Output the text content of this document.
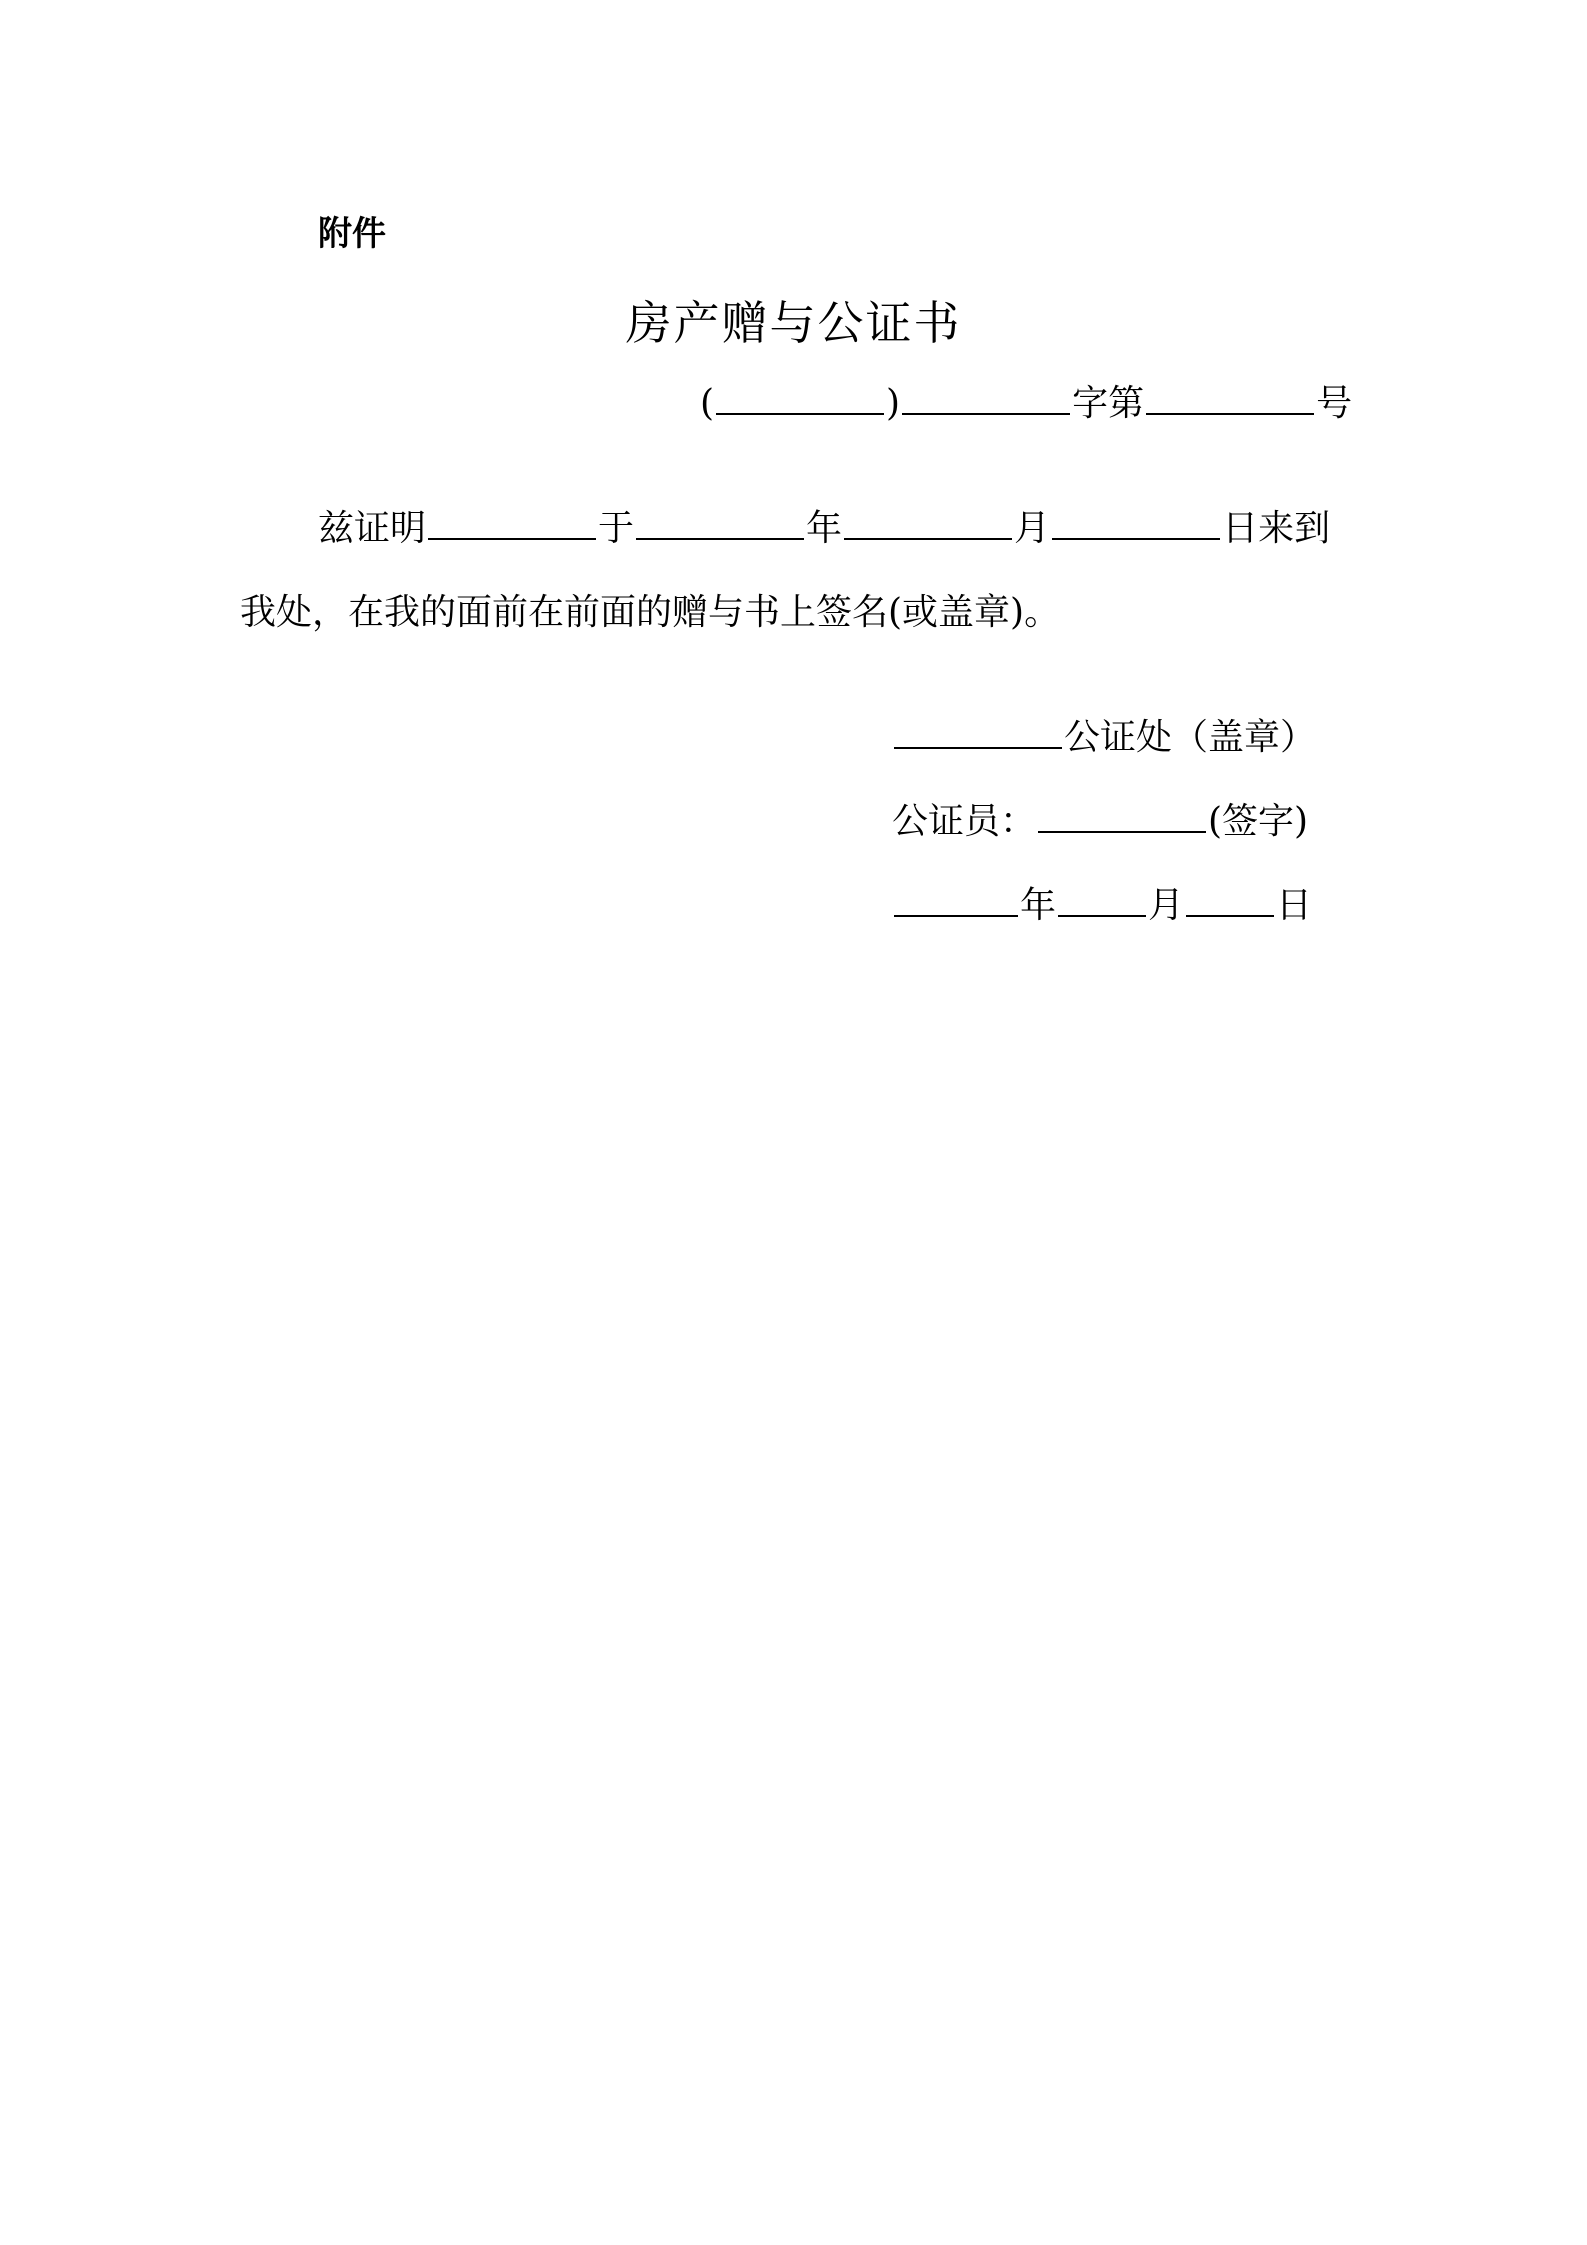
附件
房产赠与公证书
(	)	字第	号
兹证明	于	年	月	日来到
我处，在我的面前在前面的赠与书上签名(或盖章)。
公证处（盖章）
公证员：	(签字)
年	月	日
